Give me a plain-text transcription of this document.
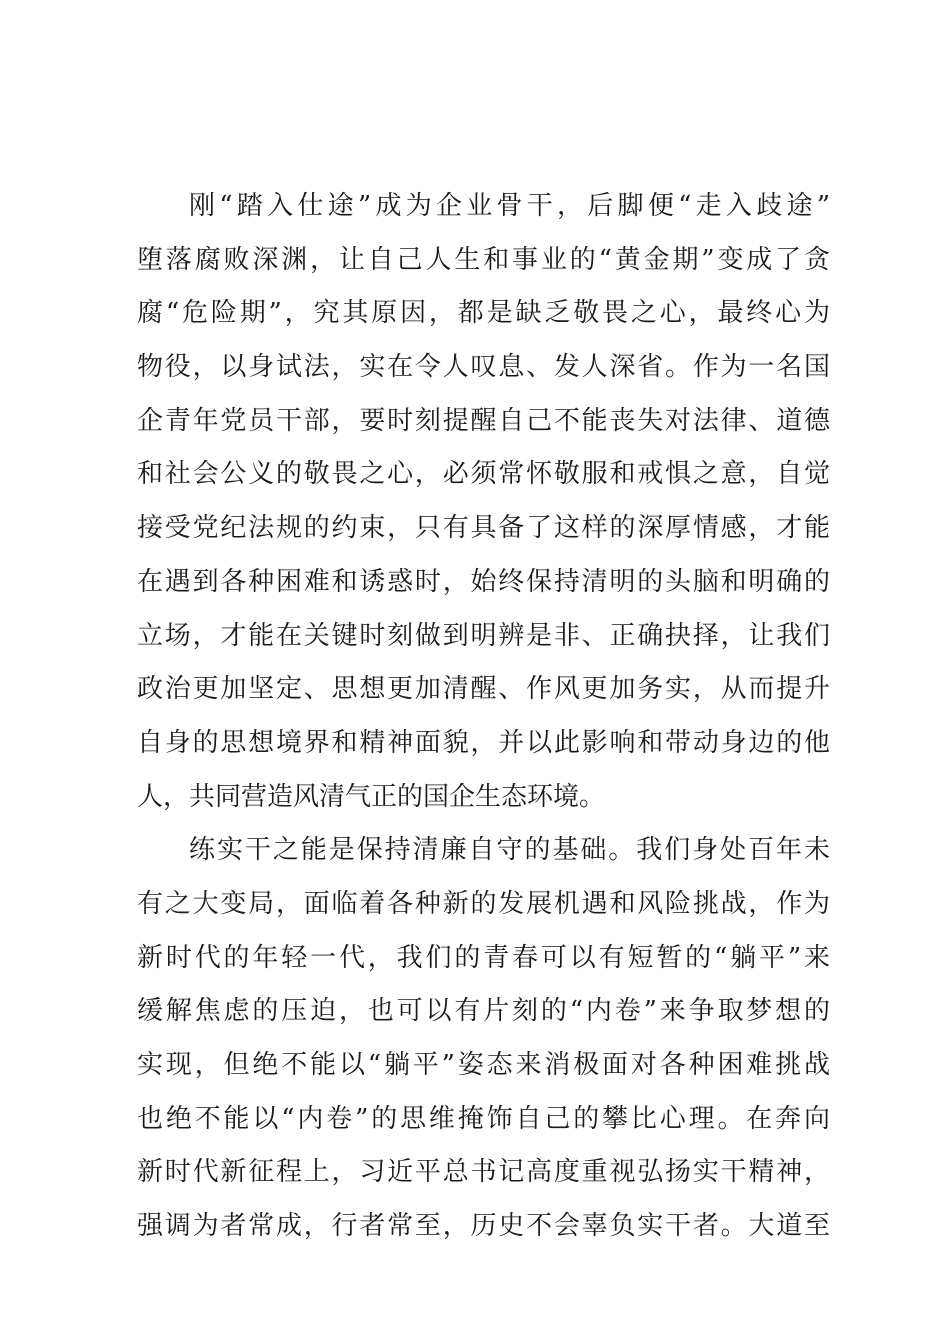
刚“踏入仕途”成为企业骨干，后脚便“走入歧途”
堕落腐败深渊，让自己人生和事业的“黄金期”变成了贪
腐“危险期”，究其原因，都是缺乏敬畏之心，最终心为
物役，以身试法，实在令人叹息、发人深省。作为一名国
企青年党员干部，要时刻提醒自己不能丧失对法律、道德
和社会公义的敬畏之心，必须常怀敬服和戒惧之意，自觉
接受党纪法规的约束，只有具备了这样的深厚情感，才能
在遇到各种困难和诱惑时，始终保持清明的头脑和明确的
立场，才能在关键时刻做到明辨是非、正确抉择，让我们
政治更加坚定、思想更加清醒、作风更加务实，从而提升
自身的思想境界和精神面貌，并以此影响和带动身边的他
人，共同营造风清气正的国企生态环境。
练实干之能是保持清廉自守的基础。我们身处百年未
有之大变局，面临着各种新的发展机遇和风险挑战，作为
新时代的年轻一代，我们的青春可以有短暂的“躺平”来
缓解焦虑的压迫，也可以有片刻的“内卷”来争取梦想的
实现，但绝不能以“躺平”姿态来消极面对各种困难挑战
也绝不能以“内卷”的思维掩饰自己的攀比心理。在奔向
新时代新征程上，习近平总书记高度重视弘扬实干精神，
强调为者常成，行者常至，历史不会辜负实干者。大道至
